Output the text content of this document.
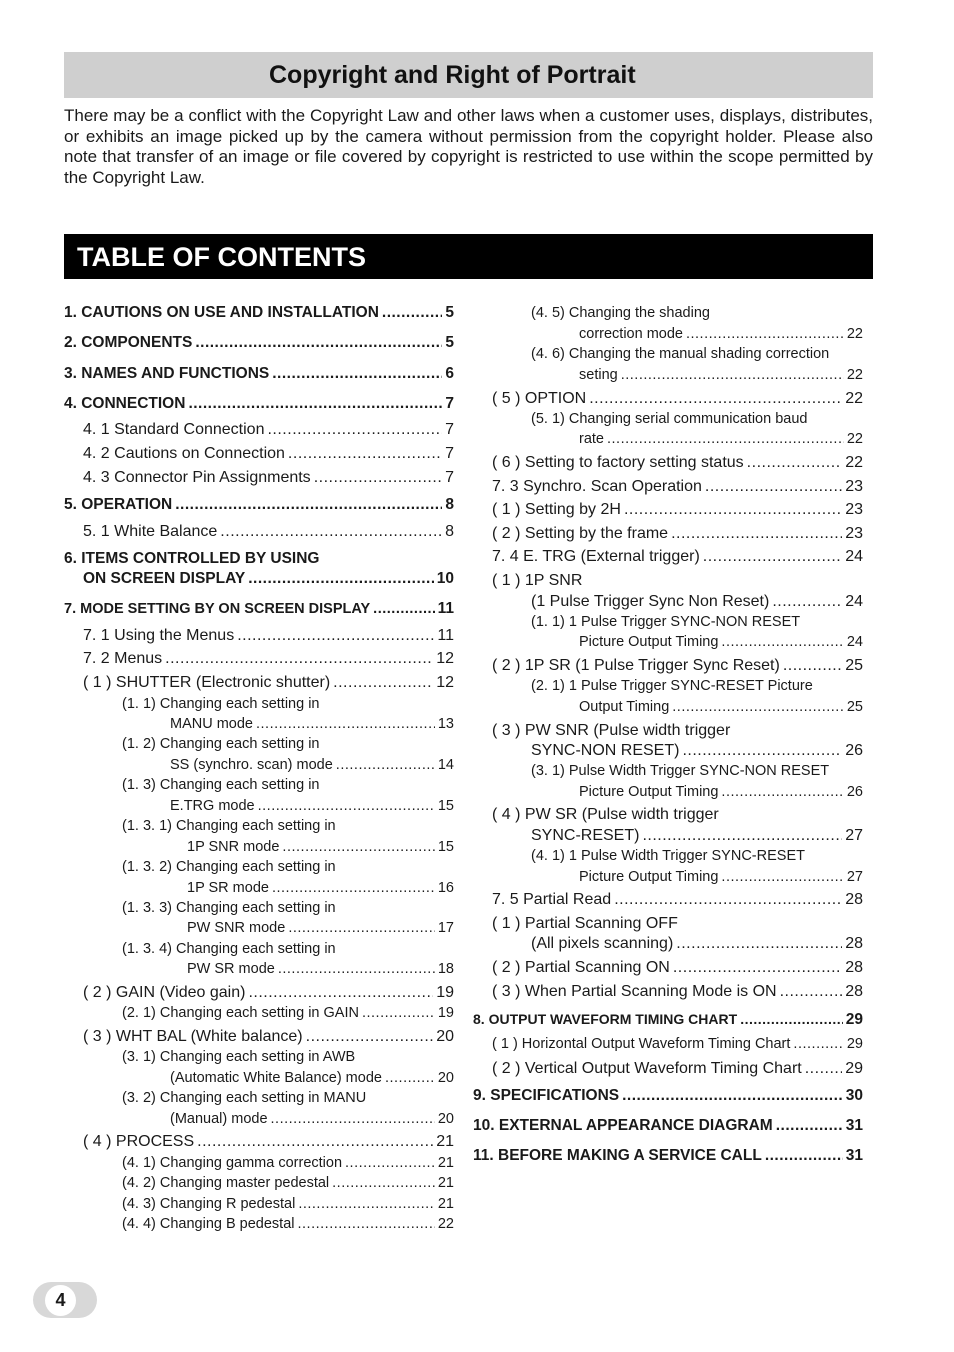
Copyright and Right of Portrait

There may be a conflict with the Copyright Law and other laws when a customer uses, displays, distributes, or exhibits an image picked up by the camera without permission from the copyright holder. Please also note that transfer of an image or file covered by copyright is restricted to use within the scope permitted by the Copyright Law.

TABLE OF CONTENTS
1. CAUTIONS ON USE AND INSTALLATION .....	5
2. COMPONENTS .....	5
3. NAMES AND FUNCTIONS .....	6
4. CONNECTION .....	7
4. 1 Standard Connection .....	7
4. 2 Cautions on Connection .....	7
4. 3 Connector Pin Assignments .....	7
5. OPERATION .....	8
5. 1 White Balance .....	8
6. ITEMS CONTROLLED BY USING
ON SCREEN DISPLAY .....	10
7. MODE SETTING BY ON SCREEN DISPLAY .....	11
7. 1 Using the Menus .....	11
7. 2 Menus .....	12
( 1 ) SHUTTER (Electronic shutter) .....	12
(1. 1) Changing each setting in
MANU mode .....	13
(1. 2) Changing each setting in
SS (synchro. scan) mode .....	14
(1. 3) Changing each setting in
E.TRG mode .....	15
(1. 3. 1) Changing each setting in
1P SNR mode .....	15
(1. 3. 2) Changing each setting in
1P SR mode .....	16
(1. 3. 3) Changing each setting in
PW SNR mode .....	17
(1. 3. 4) Changing each setting in
PW SR mode .....	18
( 2 ) GAIN (Video gain) .....	19
(2. 1) Changing each setting in GAIN .....	19
( 3 ) WHT BAL (White balance) .....	20
(3. 1) Changing each setting in AWB
(Automatic White Balance) mode .....	20
(3. 2) Changing each setting in MANU
(Manual) mode .....	20
( 4 ) PROCESS .....	21
(4. 1) Changing gamma correction .....	21
(4. 2) Changing master pedestal .....	21
(4. 3) Changing R pedestal .....	21
(4. 4) Changing B pedestal .....	22
(4. 5) Changing the shading
correction mode .....	22
(4. 6) Changing the manual shading correction
seting .....	22
( 5 ) OPTION .....	22
(5. 1) Changing serial communication baud
rate .....	22
( 6 ) Setting to factory setting status .....	22
7. 3 Synchro. Scan Operation .....	23
( 1 ) Setting by 2H .....	23
( 2 ) Setting by the frame .....	23
7. 4 E. TRG (External trigger) .....	24
( 1 ) 1P SNR
(1 Pulse Trigger Sync Non Reset) .....	24
(1. 1) 1 Pulse Trigger SYNC-NON RESET
Picture Output Timing .....	24
( 2 ) 1P SR (1 Pulse Trigger Sync Reset) .....	25
(2. 1) 1 Pulse Trigger SYNC-RESET Picture
Output Timing .....	25
( 3 ) PW SNR (Pulse width trigger
SYNC-NON RESET) .....	26
(3. 1) Pulse Width Trigger SYNC-NON RESET
Picture Output Timing .....	26
( 4 ) PW SR (Pulse width trigger
SYNC-RESET) .....	27
(4. 1) 1 Pulse Width Trigger SYNC-RESET
Picture Output Timing .....	27
7. 5 Partial Read .....	28
( 1 ) Partial Scanning OFF
(All pixels scanning) .....	28
( 2 ) Partial Scanning ON .....	28
( 3 ) When Partial Scanning Mode is ON .....	28
8. OUTPUT WAVEFORM TIMING CHART .....	29
( 1 ) Horizontal Output Waveform Timing Chart .....	29
( 2 ) Vertical Output Waveform Timing Chart .....	29
9. SPECIFICATIONS .....	30
10. EXTERNAL APPEARANCE DIAGRAM .....	31
11. BEFORE MAKING A SERVICE CALL .....	31
4
